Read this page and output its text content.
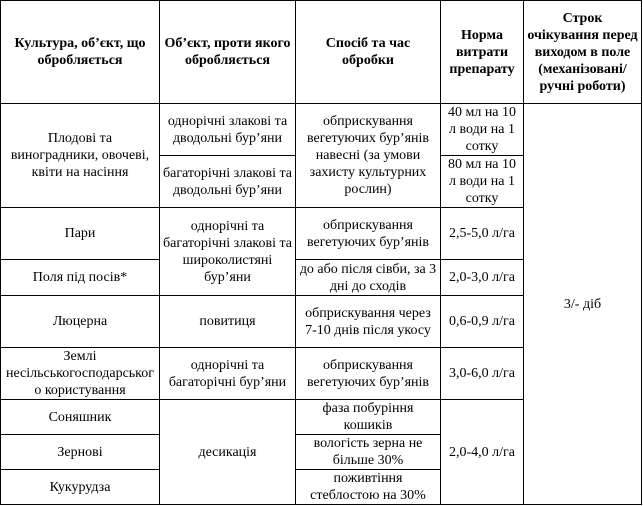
Культура, об’єкт, що обробляється	Об’єкт, проти якого обробляється	Спосіб та час обробки	Норма витрати препарату	Строк очікування перед виходом в поле (механізовані/ручні роботи)
Плодові та виноградники, овочеві, квіти на насіння	однорічні злакові та дводольні бур’яни	обприскування вегетуючих бур’янів навесні (за умови захисту культурних рослин)	40 мл на 10 л води на 1 сотку	3/- діб
	багаторічні злакові та дводольні бур’яни		80 мл на 10 л води на 1 сотку	
Пари	однорічні та багаторічні злакові та широколистяні бур’яни	обприскування вегетуючих бур’янів	2,5-5,0 л/га	
Поля під посів*		до або після сівби, за 3 дні до сходів	2,0-3,0 л/га	
Люцерна	повитиця	обприскування через 7-10 днів після укосу	0,6-0,9 л/га	
Землі несільськогосподарського користування	однорічні та багаторічні бур’яни	обприскування вегетуючих бур’янів	3,0-6,0 л/га	
Соняшник	десикація	фаза побуріння кошиків	2,0-4,0 л/га	
Зернові		вологість зерна не більше 30%		
Кукурудза		поживтіння стеблостою на 30%		
